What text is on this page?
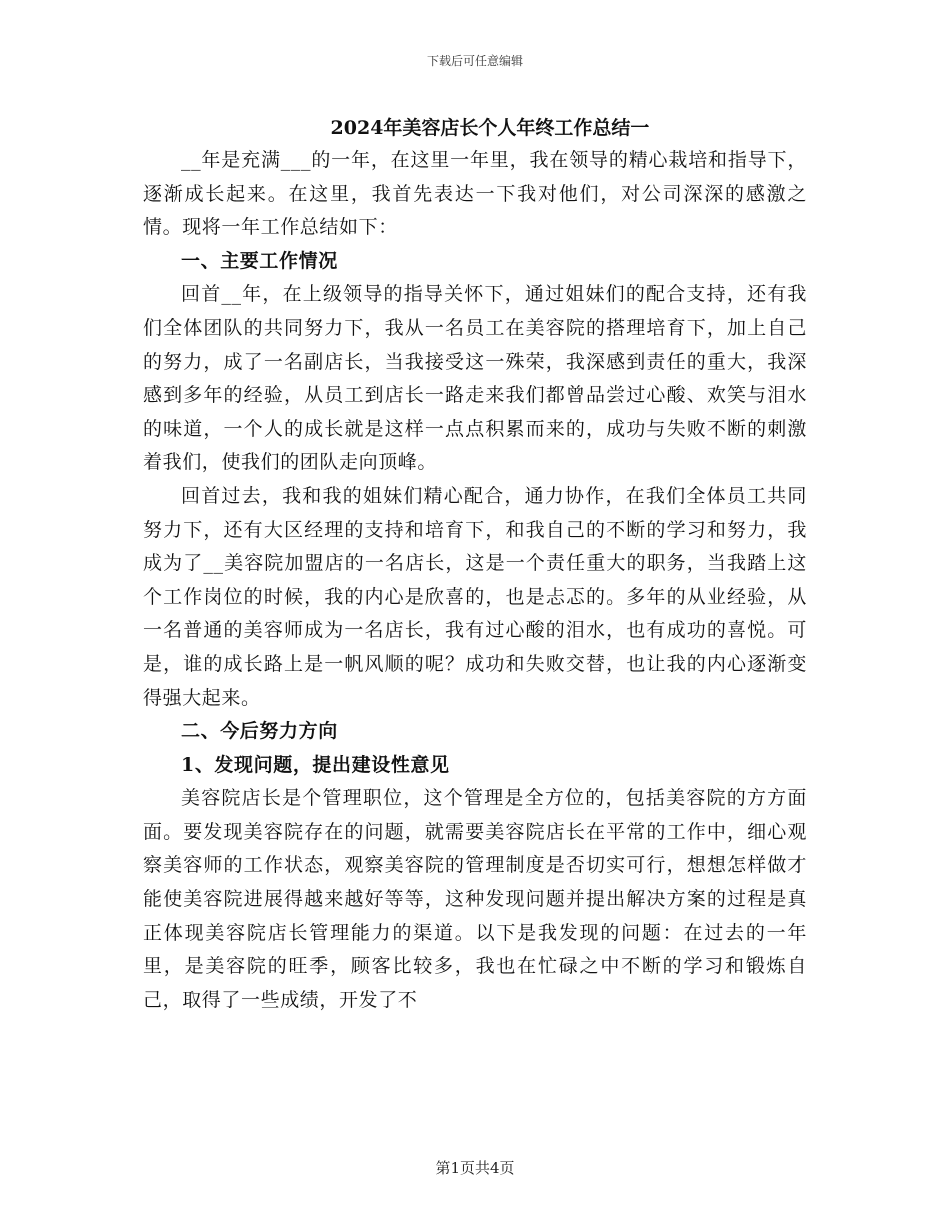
下载后可任意编辑
2024年美容店长个人年终工作总结一

__年是充满___的一年，在这里一年里，我在领导的精心栽培和指导下，逐渐成长起来。在这里，我首先表达一下我对他们，对公司深深的感激之情。现将一年工作总结如下：

一、主要工作情况

回首__年，在上级领导的指导关怀下，通过姐妹们的配合支持，还有我们全体团队的共同努力下，我从一名员工在美容院的搭理培育下，加上自己的努力，成了一名副店长，当我接受这一殊荣，我深感到责任的重大，我深感到多年的经验，从员工到店长一路走来我们都曾品尝过心酸、欢笑与泪水的味道，一个人的成长就是这样一点点积累而来的，成功与失败不断的刺激着我们，使我们的团队走向顶峰。

回首过去，我和我的姐妹们精心配合，通力协作，在我们全体员工共同努力下，还有大区经理的支持和培育下，和我自己的不断的学习和努力，我成为了__美容院加盟店的一名店长，这是一个责任重大的职务，当我踏上这个工作岗位的时候，我的内心是欣喜的，也是忐忑的。多年的从业经验，从一名普通的美容师成为一名店长，我有过心酸的泪水，也有成功的喜悦。可是，谁的成长路上是一帆风顺的呢？成功和失败交替，也让我的内心逐渐变得强大起来。

二、今后努力方向

1、发现问题，提出建设性意见

美容院店长是个管理职位，这个管理是全方位的，包括美容院的方方面面。要发现美容院存在的问题，就需要美容院店长在平常的工作中，细心观察美容师的工作状态，观察美容院的管理制度是否切实可行，想想怎样做才能使美容院进展得越来越好等等，这种发现问题并提出解决方案的过程是真正体现美容院店长管理能力的渠道。以下是我发现的问题：在过去的一年里，是美容院的旺季，顾客比较多，我也在忙碌之中不断的学习和锻炼自己，取得了一些成绩，开发了不

第1页共4页
